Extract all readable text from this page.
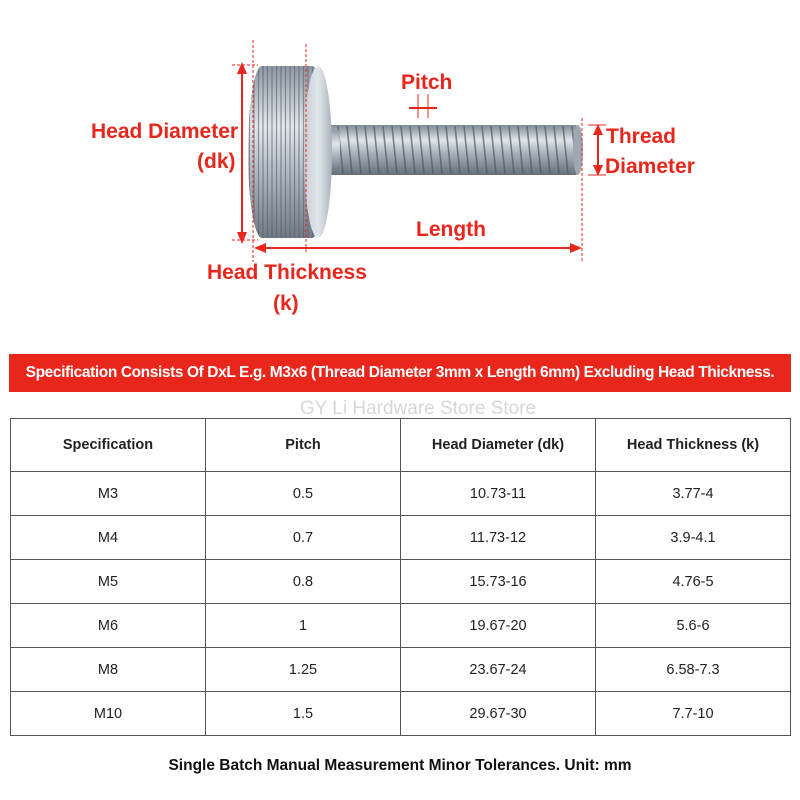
Head Diameter
(dk)
Pitch
Thread
Diameter
Length
Head Thickness
(k)
Specification Consists Of DxL E.g. M3x6 (Thread Diameter 3mm x Length 6mm) Excluding Head Thickness.
GY Li Hardware Store Store
Specification	Pitch	Head Diameter (dk)	Head Thickness (k)
M3	0.5	10.73-11	3.77-4
M4	0.7	11.73-12	3.9-4.1
M5	0.8	15.73-16	4.76-5
M6	1	19.67-20	5.6-6
M8	1.25	23.67-24	6.58-7.3
M10	1.5	29.67-30	7.7-10
Single Batch Manual Measurement Minor Tolerances. Unit: mm
